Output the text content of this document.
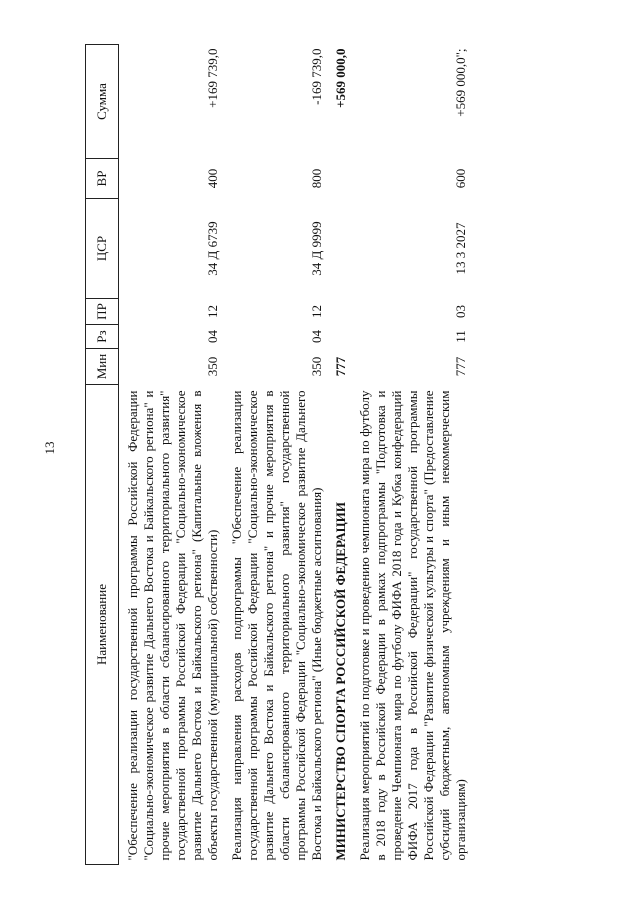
13
Наименование	Мин	Рз	ПР	ЦСР	ВР	Сумма
"Обеспечение реализации государственной программы Российской Федерации "Социально-экономическое развитие Дальнего Востока и Байкальского региона" и прочие мероприятия в области сбалансированного территориального развития" государственной программы Российской Федерации "Социально-экономическое развитие Дальнего Востока и Байкальского региона" (Капитальные вложения в объекты государственной (муниципальной) собственности)	350	04	12	34 Д 6739	400	+169 739,0
Реализация направления расходов подпрограммы "Обеспечение реализации государственной программы Российской Федерации "Социально-экономическое развитие Дальнего Востока и Байкальского региона" и прочие мероприятия в области сбалансированного территориального развития" государственной программы Российской Федерации "Социально-экономическое развитие Дальнего Востока и Байкальского региона" (Иные бюджетные ассигнования)	350	04	12	34 Д 9999	800	-169 739,0
МИНИСТЕРСТВО СПОРТА РОССИЙСКОЙ ФЕДЕРАЦИИ	777					+569 000,0
Реализация мероприятий по подготовке и проведению чемпионата мира по футболу в 2018 году в Российской Федерации в рамках подпрограммы "Подготовка и проведение Чемпионата мира по футболу ФИФА 2018 года и Кубка конфедераций ФИФА 2017 года в Российской Федерации" государственной программы Российской Федерации "Развитие физической культуры и спорта" (Предоставление субсидий бюджетным, автономным учреждениям и иным некоммерческим организациям)	777	11	03	13 3 2027	600	+569 000,0";
